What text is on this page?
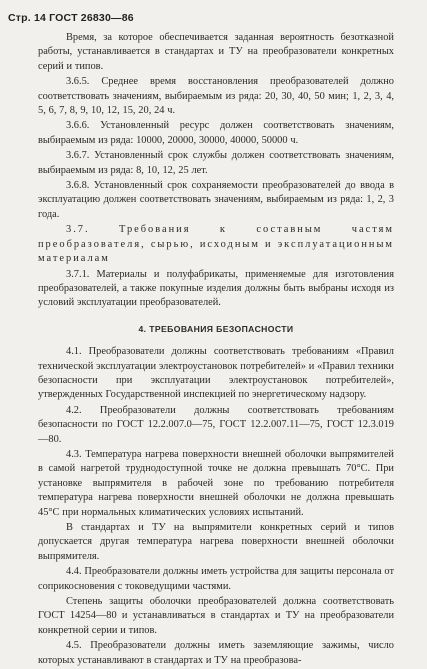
Стр. 14 ГОСТ 26830—86

Время, за которое обеспечивается заданная вероятность безотказной работы, устанавливается в стандартах и ТУ на преобразователи конкретных серий и типов.

3.6.5. Среднее время восстановления преобразователей должно соответствовать значениям, выбираемым из ряда: 20, 30, 40, 50 мин; 1, 2, 3, 4, 5, 6, 7, 8, 9, 10, 12, 15, 20, 24 ч.

3.6.6. Установленный ресурс должен соответствовать значениям, выбираемым из ряда: 10000, 20000, 30000, 40000, 50000 ч.

3.6.7. Установленный срок службы должен соответствовать значениям, выбираемым из ряда: 8, 10, 12, 25 лет.

3.6.8. Установленный срок сохраняемости преобразователей до ввода в эксплуатацию должен соответствовать значениям, выбираемым из ряда: 1, 2, 3 года.

3.7. Требования к составным частям преобразователя, сырью, исходным и эксплуатационным материалам

3.7.1. Материалы и полуфабрикаты, применяемые для изготовления преобразователей, а также покупные изделия должны быть выбраны исходя из условий эксплуатации преобразователей.

4. ТРЕБОВАНИЯ БЕЗОПАСНОСТИ

4.1. Преобразователи должны соответствовать требованиям «Правил технической эксплуатации электроустановок потребителей» и «Правил техники безопасности при эксплуатации электроустановок потребителей», утвержденных Государственной инспекцией по энергетическому надзору.

4.2. Преобразователи должны соответствовать требованиям безопасности по ГОСТ 12.2.007.0—75, ГОСТ 12.2.007.11—75, ГОСТ 12.3.019—80.

4.3. Температура нагрева поверхности внешней оболочки выпрямителей в самой нагретой труднодоступной точке не должна превышать 70°С. При установке выпрямителя в рабочей зоне по требованию потребителя температура нагрева поверхности внешней оболочки не должна превышать 45°С при нормальных климатических условиях испытаний.

В стандартах и ТУ на выпрямители конкретных серий и типов допускается другая температура нагрева поверхности внешней оболочки выпрямителя.

4.4. Преобразователи должны иметь устройства для защиты персонала от соприкосновения с токоведущими частями.

Степень защиты оболочки преобразователей должна соответствовать ГОСТ 14254—80 и устанавливаться в стандартах и ТУ на преобразователи конкретной серии и типов.

4.5. Преобразователи должны иметь заземляющие зажимы, число которых устанавливают в стандартах и ТУ на преобразова-
